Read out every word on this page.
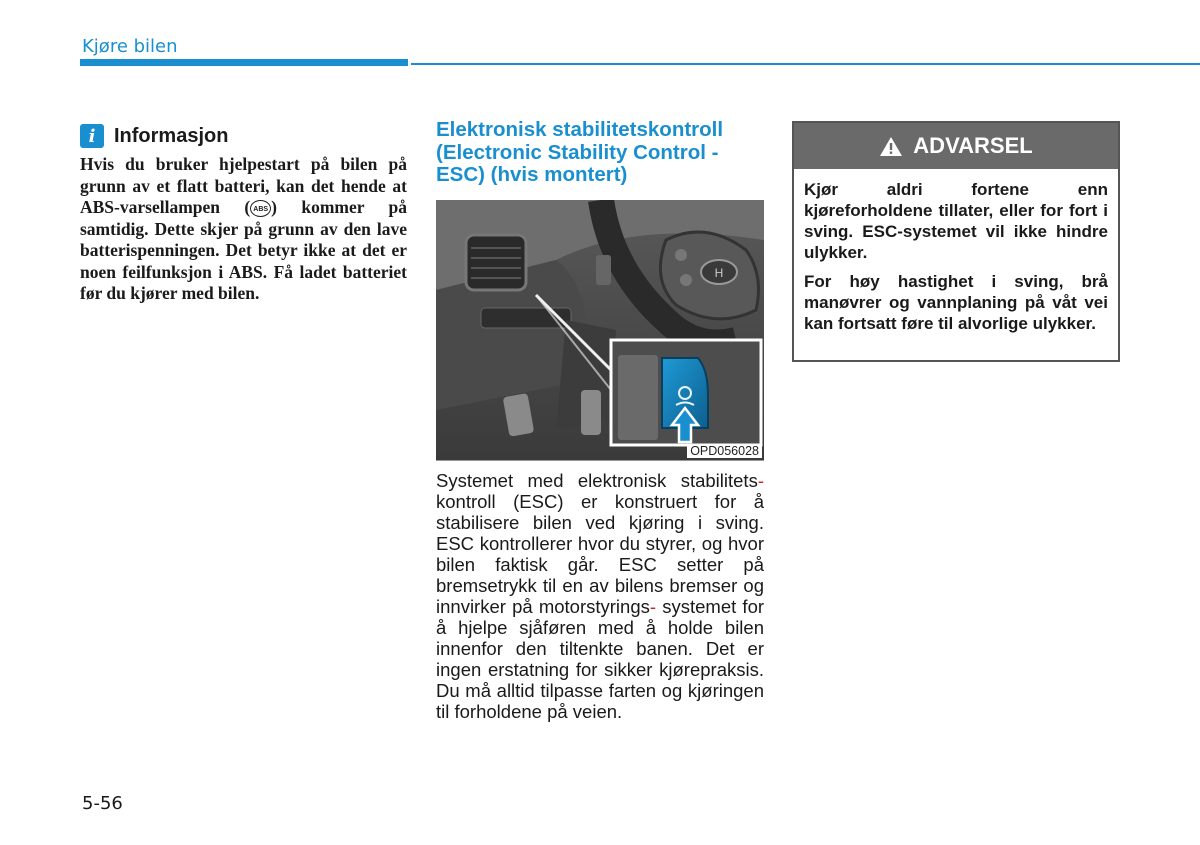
Kjøre bilen
i Informasjon
Hvis du bruker hjelpestart på bilen på grunn av et flatt batteri, kan det hende at ABS-varsellampen ( ABS ) kommer på samtidig. Dette skjer på grunn av den lave batterispenningen. Det betyr ikke at det er noen feilfunksjon i ABS. Få ladet batteriet før du kjører med bilen.
Elektronisk stabilitetskontroll (Electronic Stability Control - ESC) (hvis montert)
H
OPD056028
Systemet med elektronisk stabilitets- kontroll (ESC) er konstruert for å stabilisere bilen ved kjøring i sving. ESC kontrollerer hvor du styrer, og hvor bilen faktisk går. ESC setter på bremsetrykk til en av bilens bremser og innvirker på motorstyrings- systemet for å hjelpe sjåføren med å holde bilen innenfor den tiltenkte banen. Det er ingen erstatning for sikker kjørepraksis. Du må alltid tilpasse farten og kjøringen til forholdene på veien.
ADVARSEL

Kjør aldri fortene enn kjøreforholdene tillater, eller for fort i sving. ESC-systemet vil ikke hindre ulykker.

For høy hastighet i sving, brå manøvrer og vannplaning på våt vei kan fortsatt føre til alvorlige ulykker.

5-56
